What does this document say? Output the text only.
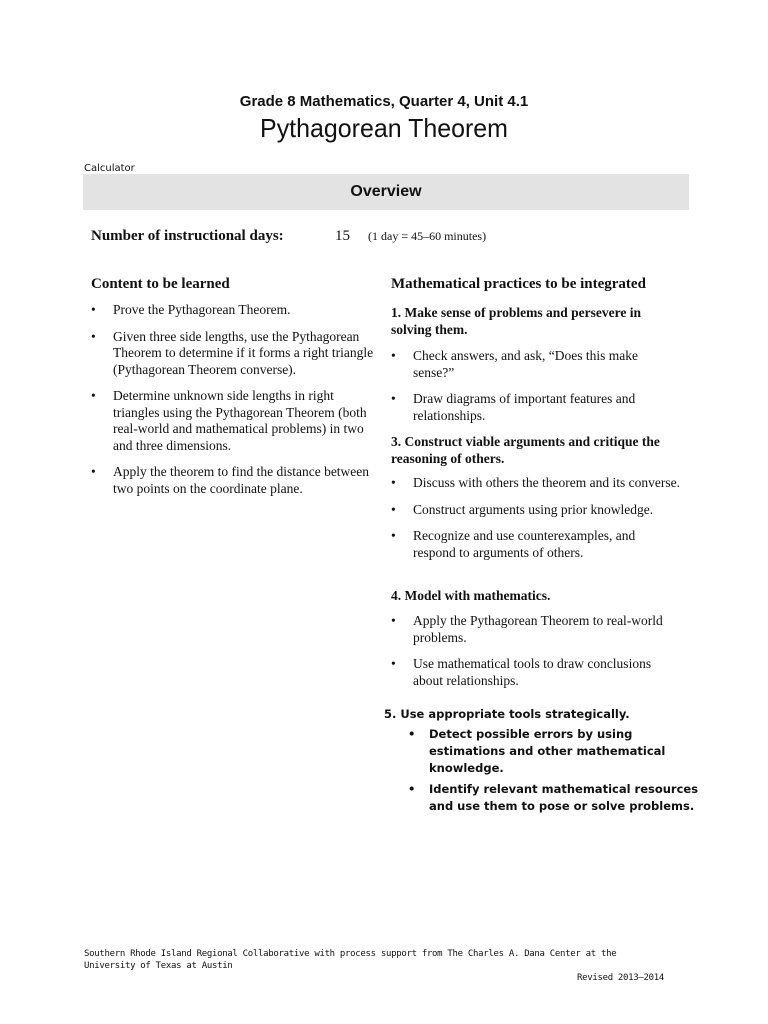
Grade 8 Mathematics, Quarter 4, Unit 4.1
Pythagorean Theorem
Calculator
Overview
Number of instructional days:	15 (1 day = 45–60 minutes)
Content to be learned
•	Prove the Pythagorean Theorem.
•	Given three side lengths, use the Pythagorean Theorem to determine if it forms a right triangle (Pythagorean Theorem converse).
•	Determine unknown side lengths in right triangles using the Pythagorean Theorem (both real-world and mathematical problems) in two and three dimensions.
•	Apply the theorem to find the distance between two points on the coordinate plane.
Mathematical practices to be integrated
1. Make sense of problems and persevere in solving them.
•	Check answers, and ask, “Does this make sense?”
•	Draw diagrams of important features and relationships.
3. Construct viable arguments and critique the reasoning of others.
•	Discuss with others the theorem and its converse.
•	Construct arguments using prior knowledge.
•	Recognize and use counterexamples, and respond to arguments of others.
4. Model with mathematics.
•	Apply the Pythagorean Theorem to real-world problems.
•	Use mathematical tools to draw conclusions about relationships.
5. Use appropriate tools strategically.
• Detect possible errors by using estimations and other mathematical knowledge.
• Identify relevant mathematical resources and use them to pose or solve problems.
Southern Rhode Island Regional Collaborative with process support from The Charles A. Dana Center at the University of Texas at Austin
Revised 2013–2014
